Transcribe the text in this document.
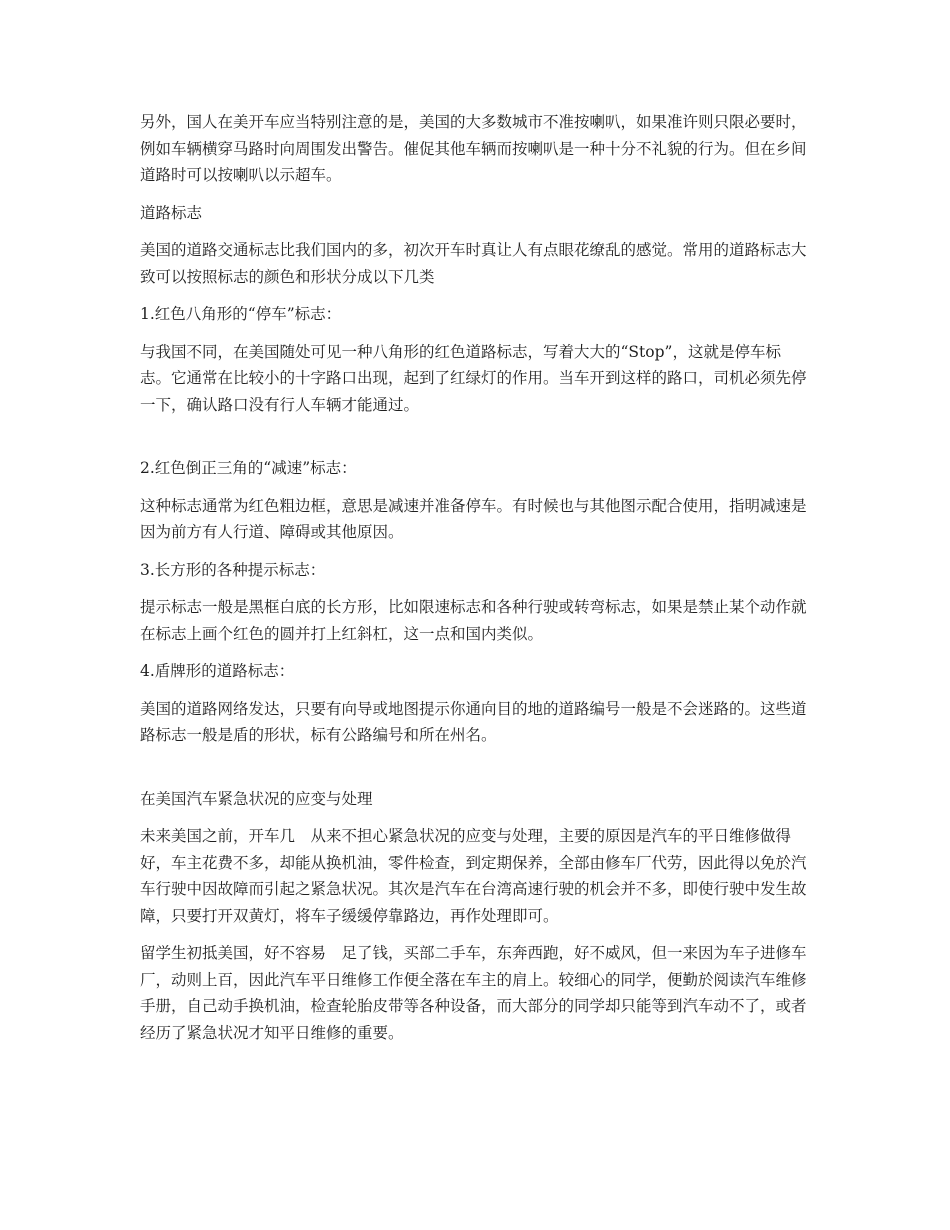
另外，国人在美开车应当特别注意的是，美国的大多数城市不准按喇叭，如果准许则只限必要时，例如车辆横穿马路时向周围发出警告。催促其他车辆而按喇叭是一种十分不礼貌的行为。但在乡间道路时可以按喇叭以示超车。

道路标志

美国的道路交通标志比我们国内的多，初次开车时真让人有点眼花缭乱的感觉。常用的道路标志大致可以按照标志的颜色和形状分成以下几类

1.红色八角形的“停车”标志：

与我国不同，在美国随处可见一种八角形的红色道路标志，写着大大的“Stop”，这就是停车标志。它通常在比较小的十字路口出现，起到了红绿灯的作用。当车开到这样的路口，司机必须先停一下，确认路口没有行人车辆才能通过。

2.红色倒正三角的“减速”标志：

这种标志通常为红色粗边框，意思是减速并准备停车。有时候也与其他图示配合使用，指明减速是因为前方有人行道、障碍或其他原因。

3.长方形的各种提示标志：

提示标志一般是黑框白底的长方形，比如限速标志和各种行驶或转弯标志，如果是禁止某个动作就在标志上画个红色的圆并打上红斜杠，这一点和国内类似。

4.盾牌形的道路标志：

美国的道路网络发达，只要有向导或地图提示你通向目的地的道路编号一般是不会迷路的。这些道路标志一般是盾的形状，标有公路编号和所在州名。

在美国汽车紧急状况的应变与处理

未来美国之前，开车几　从来不担心紧急状况的应变与处理，主要的原因是汽车的平日维修做得好，车主花费不多，却能从换机油，零件检查，到定期保养，全部由修车厂代劳，因此得以免於汽车行驶中因故障而引起之紧急状况。其次是汽车在台湾高速行驶的机会并不多，即使行驶中发生故障，只要打开双黄灯，将车子缓缓停靠路边，再作处理即可。

留学生初抵美国，好不容易　足了钱，买部二手车，东奔西跑，好不威风，但一来因为车子进修车厂，动则上百，因此汽车平日维修工作便全落在车主的肩上。较细心的同学，便勤於阅读汽车维修手册，自己动手换机油，检查轮胎皮带等各种设备，而大部分的同学却只能等到汽车动不了，或者经历了紧急状况才知平日维修的重要。
